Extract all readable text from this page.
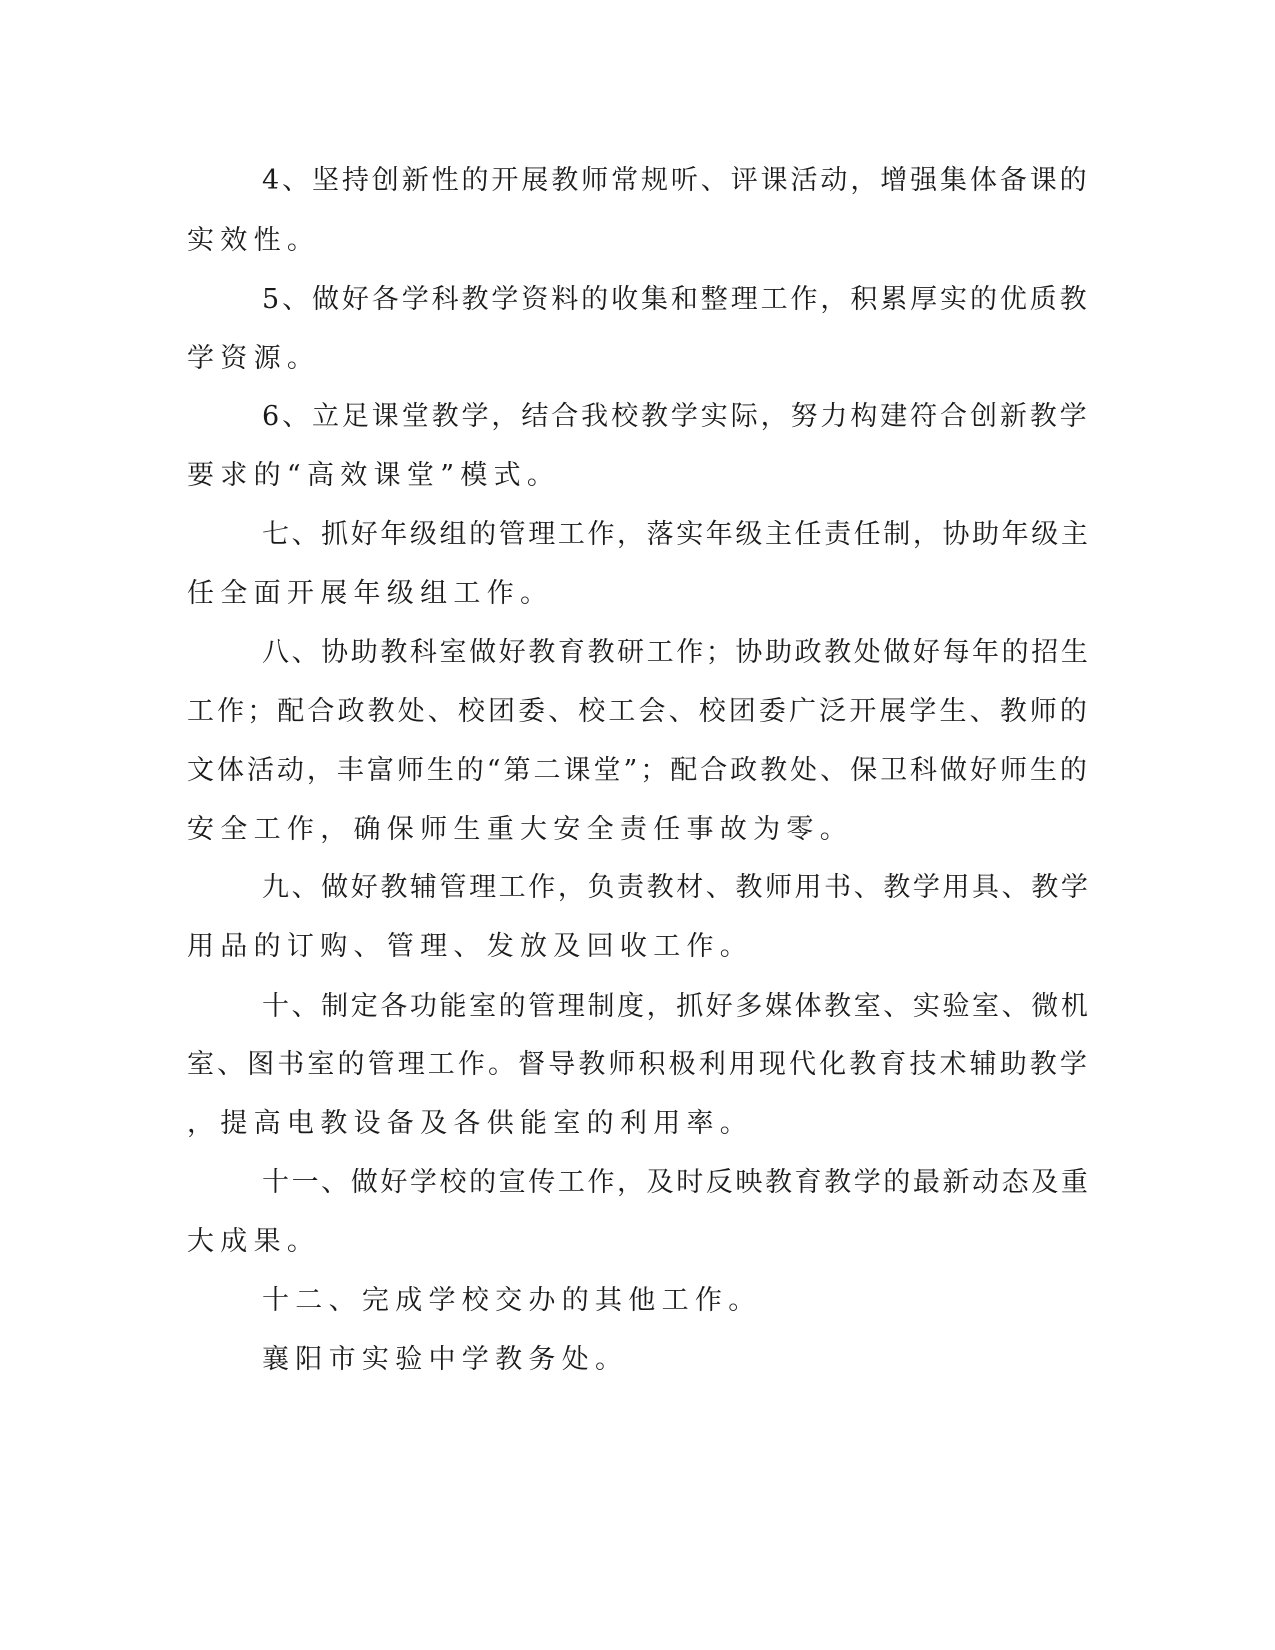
4、坚持创新性的开展教师常规听、评课活动，增强集体备课的
实效性。
5、做好各学科教学资料的收集和整理工作，积累厚实的优质教
学资源。
6、立足课堂教学，结合我校教学实际，努力构建符合创新教学
要求的“高效课堂”模式。
七、抓好年级组的管理工作，落实年级主任责任制，协助年级主
任全面开展年级组工作。
八、协助教科室做好教育教研工作；协助政教处做好每年的招生
工作；配合政教处、校团委、校工会、校团委广泛开展学生、教师的
文体活动，丰富师生的“第二课堂”；配合政教处、保卫科做好师生的
安全工作，确保师生重大安全责任事故为零。
九、做好教辅管理工作，负责教材、教师用书、教学用具、教学
用品的订购、管理、发放及回收工作。
十、制定各功能室的管理制度，抓好多媒体教室、实验室、微机
室、图书室的管理工作。督导教师积极利用现代化教育技术辅助教学
，提高电教设备及各供能室的利用率。
十一、做好学校的宣传工作，及时反映教育教学的最新动态及重
大成果。
十二、完成学校交办的其他工作。
襄阳市实验中学教务处。
